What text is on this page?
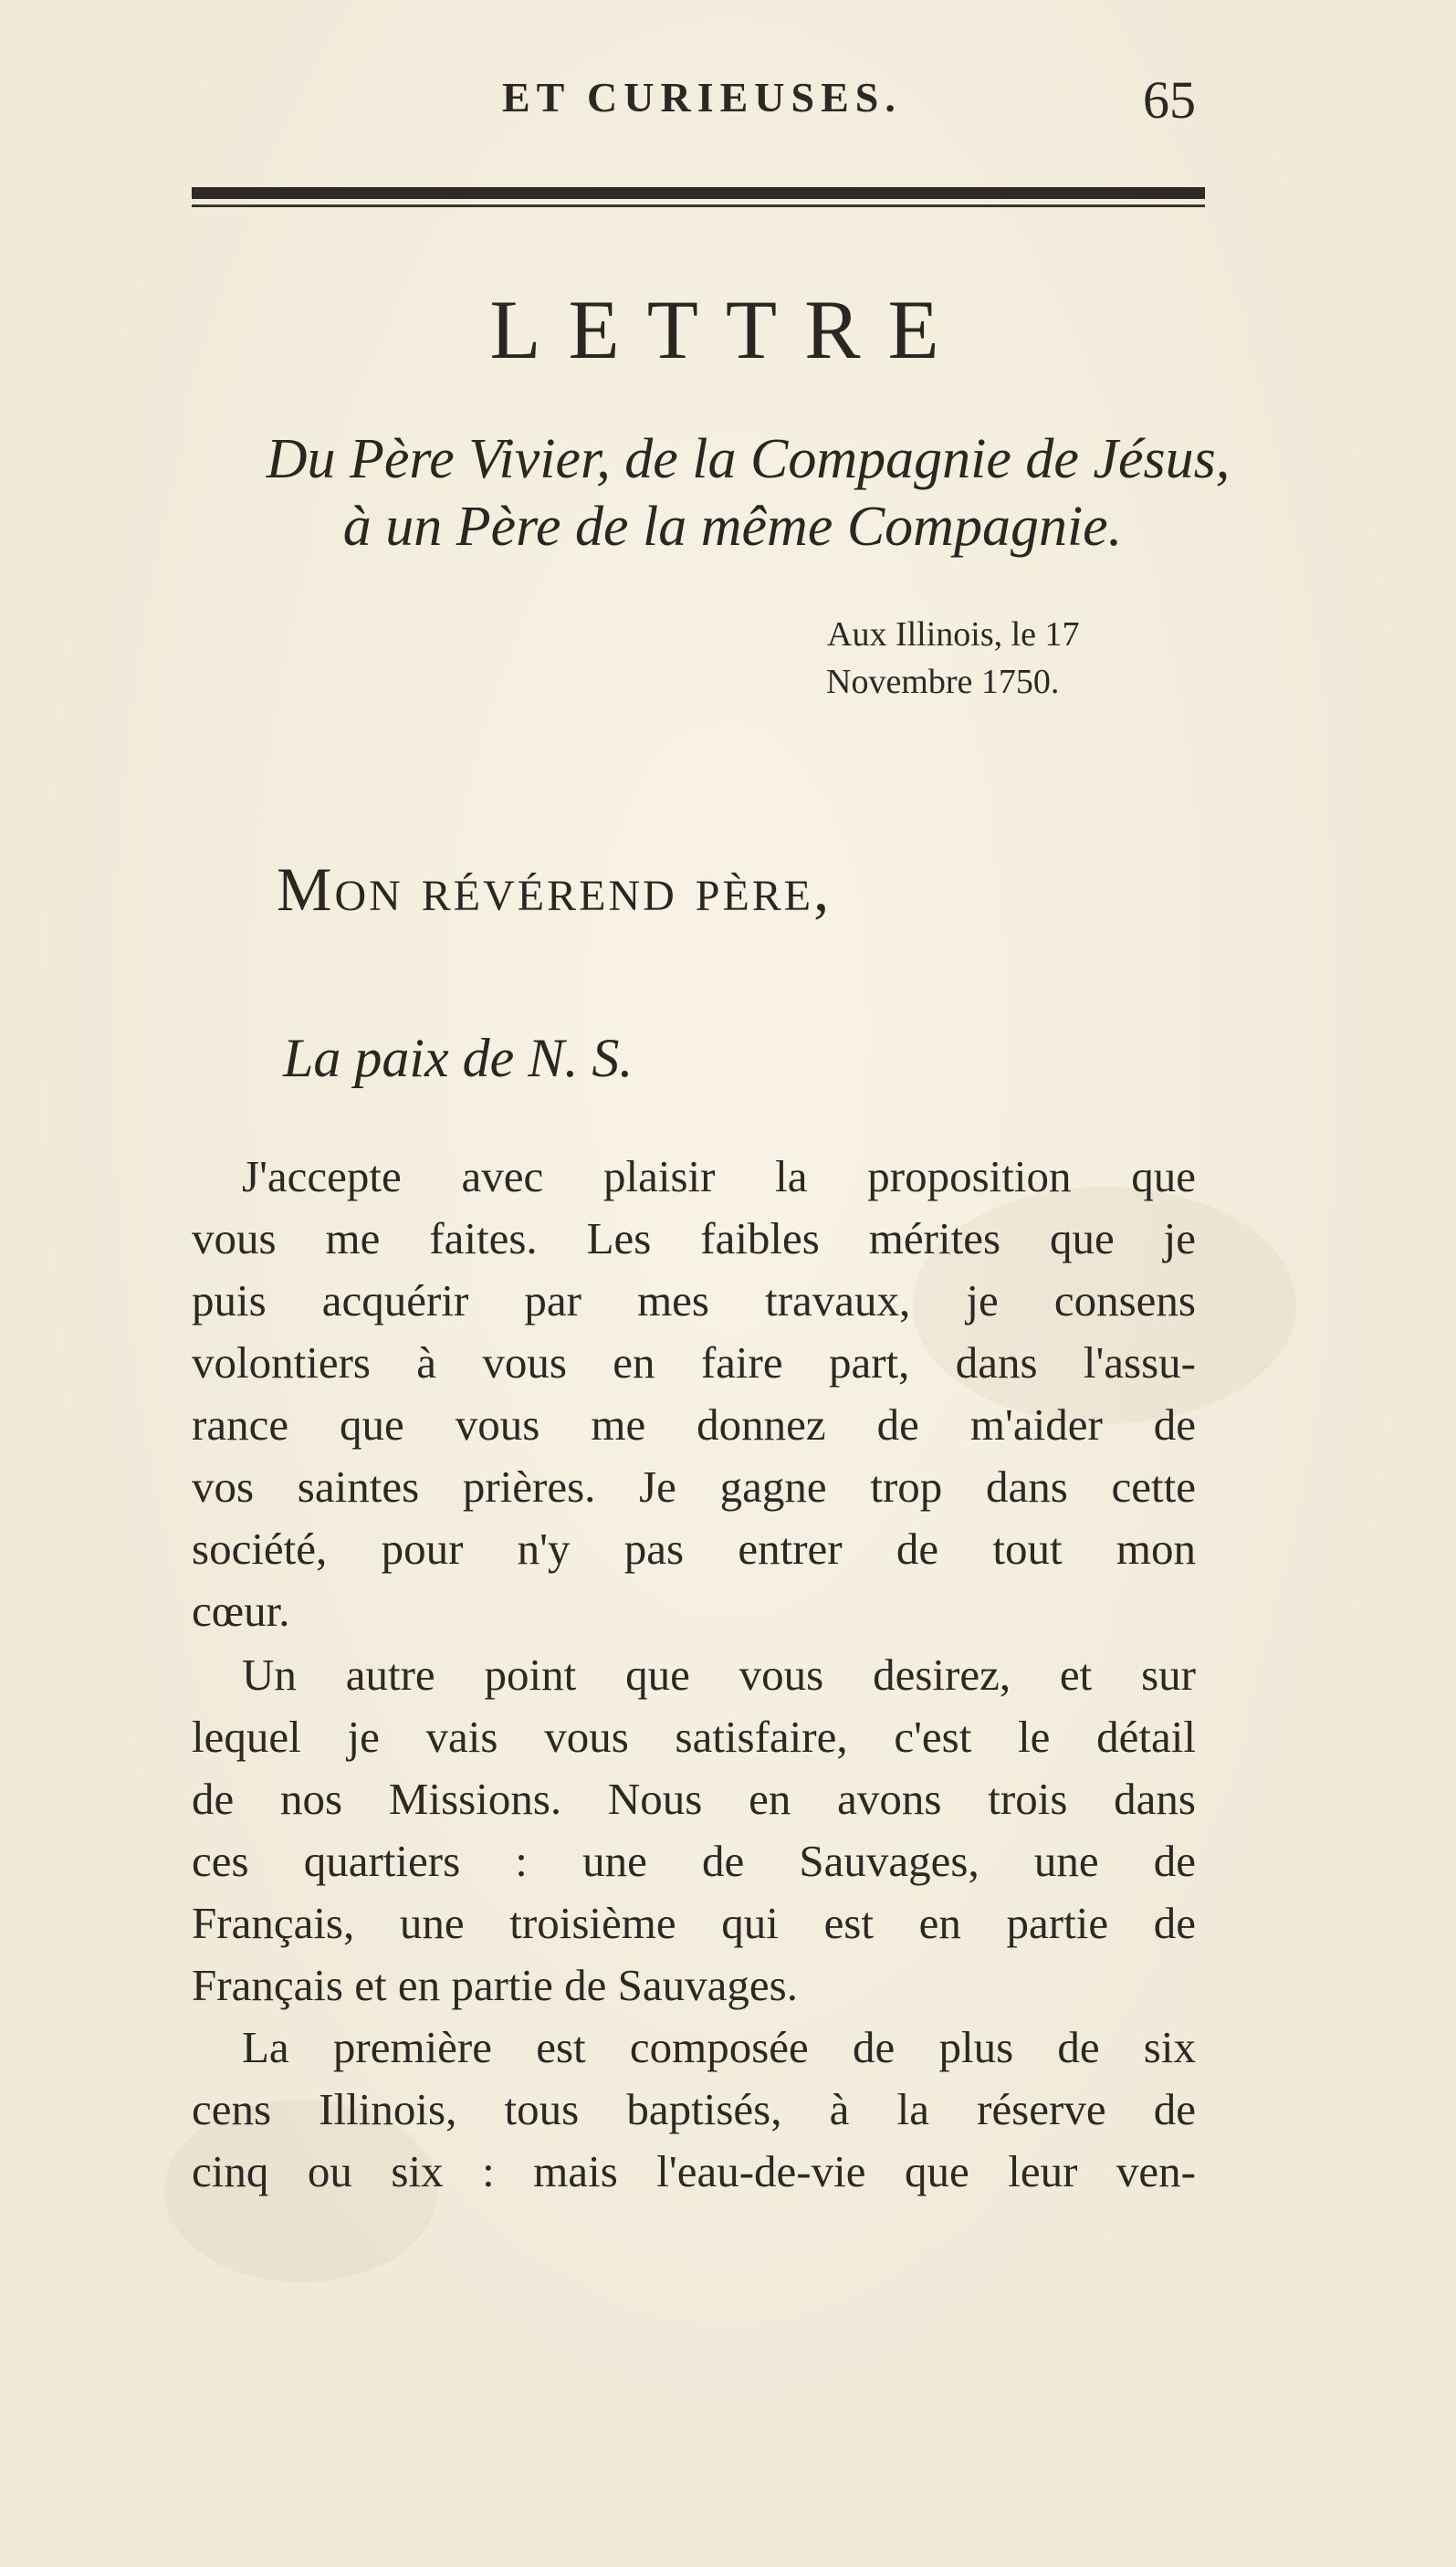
ET CURIEUSES.	65
LETTRE
Du Père Vivier, de la Compagnie de Jésus,
à un Père de la même Compagnie.
Aux Illinois, le 17
Novembre 1750.
Mon révérend père,
La paix de N. S.
J'accepte avec plaisir la proposition que
vous me faites. Les faibles mérites que je
puis acquérir par mes travaux, je consens
volontiers à vous en faire part, dans l'assu-
rance que vous me donnez de m'aider de
vos saintes prières. Je gagne trop dans cette
société, pour n'y pas entrer de tout mon
cœur.
Un autre point que vous desirez, et sur
lequel je vais vous satisfaire, c'est le détail
de nos Missions. Nous en avons trois dans
ces quartiers : une de Sauvages, une de
Français, une troisième qui est en partie de
Français et en partie de Sauvages.
La première est composée de plus de six
cens Illinois, tous baptisés, à la réserve de
cinq ou six : mais l'eau-de-vie que leur ven-
